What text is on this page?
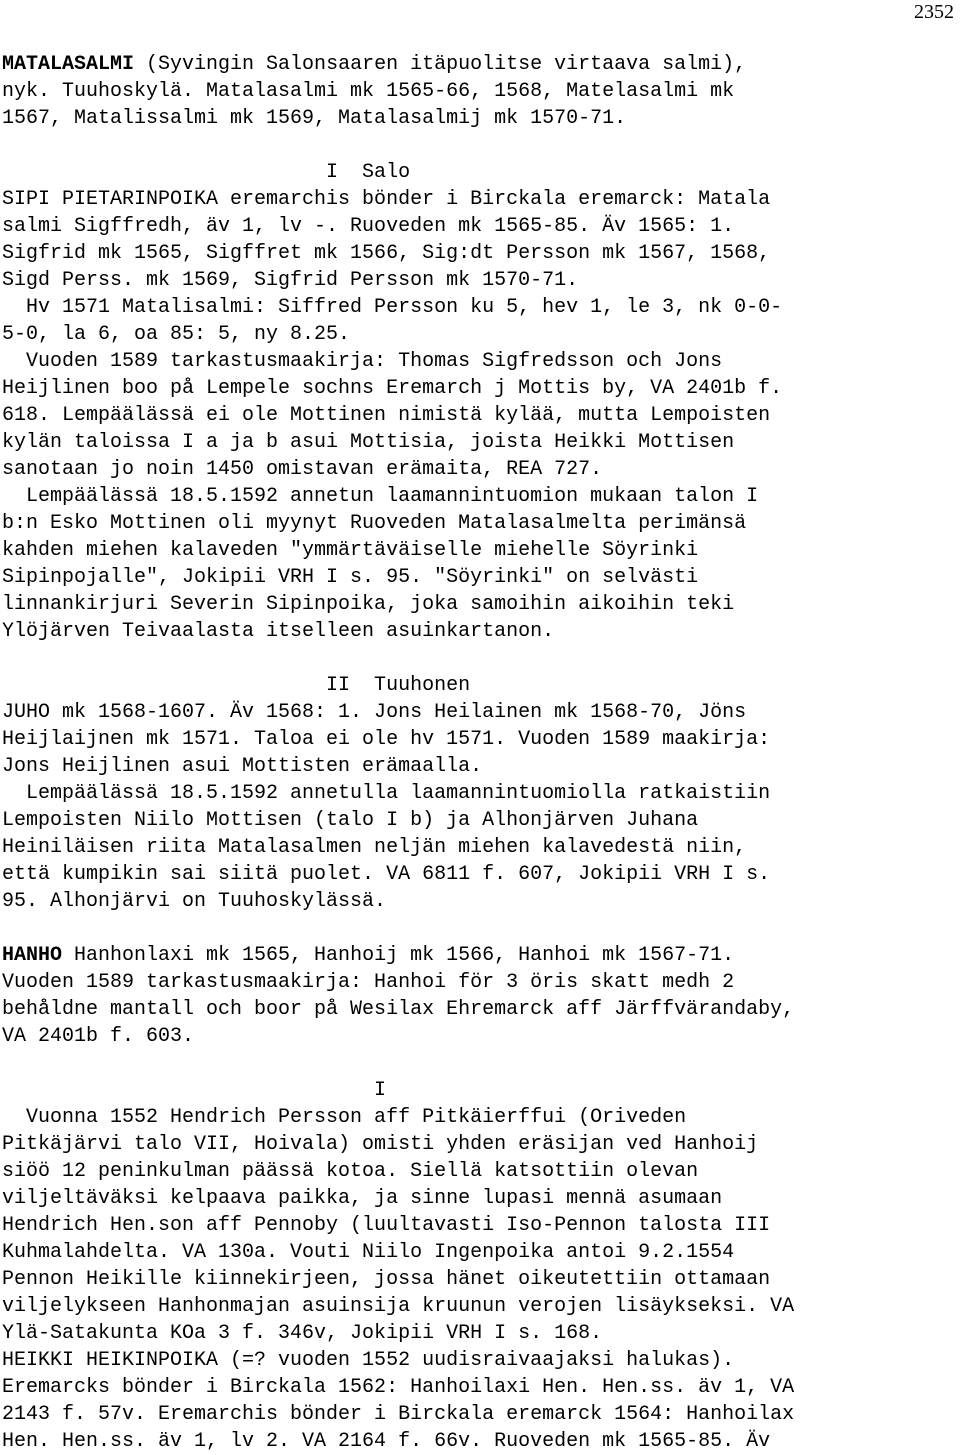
2352
MATALASALMI (Syvingin Salonsaaren itäpuolitse virtaava salmi),
nyk. Tuuhoskylä. Matalasalmi mk 1565-66, 1568, Matelasalmi mk
1567, Matalissalmi mk 1569, Matalasalmij mk 1570-71.
I  Salo
SIPI PIETARINPOIKA eremarchis bönder i Birckala eremarck: Matala
salmi Sigffredh, äv 1, lv -. Ruoveden mk 1565-85. Äv 1565: 1.
Sigfrid mk 1565, Sigffret mk 1566, Sig:dt Persson mk 1567, 1568,
Sigd Perss. mk 1569, Sigfrid Persson mk 1570-71.
Hv 1571 Matalisalmi: Siffred Persson ku 5, hev 1, le 3, nk 0-0-
5-0, la 6, oa 85: 5, ny 8.25.
Vuoden 1589 tarkastusmaakirja: Thomas Sigfredsson och Jons
Heijlinen boo på Lempele sochns Eremarch j Mottis by, VA 2401b f.
618. Lempäälässä ei ole Mottinen nimistä kylää, mutta Lempoisten
kylän taloissa I a ja b asui Mottisia, joista Heikki Mottisen
sanotaan jo noin 1450 omistavan erämaita, REA 727.
Lempäälässä 18.5.1592 annetun laamannintuomion mukaan talon I
b:n Esko Mottinen oli myynyt Ruoveden Matalasalmelta perimänsä
kahden miehen kalaveden "ymmärtäväiselle miehelle Söyrinki
Sipinpojalle", Jokipii VRH I s. 95. "Söyrinki" on selvästi
linnankirjuri Severin Sipinpoika, joka samoihin aikoihin teki
Ylöjärven Teivaalasta itselleen asuinkartanon.
II  Tuuhonen
JUHO mk 1568-1607. Äv 1568: 1. Jons Heilainen mk 1568-70, Jöns
Heijlaijnen mk 1571. Taloa ei ole hv 1571. Vuoden 1589 maakirja:
Jons Heijlinen asui Mottisten erämaalla.
Lempäälässä 18.5.1592 annetulla laamannintuomiolla ratkaistiin
Lempoisten Niilo Mottisen (talo I b) ja Alhonjärven Juhana
Heiniläisen riita Matalasalmen neljän miehen kalavedestä niin,
että kumpikin sai siitä puolet. VA 6811 f. 607, Jokipii VRH I s.
95. Alhonjärvi on Tuuhoskylässä.
HANHO Hanhonlaxi mk 1565, Hanhoij mk 1566, Hanhoi mk 1567-71.
Vuoden 1589 tarkastusmaakirja: Hanhoi för 3 öris skatt medh 2
behåldne mantall och boor på Wesilax Ehremarck aff Järffvärandaby,
VA 2401b f. 603.
I
Vuonna 1552 Hendrich Persson aff Pitkäierffui (Oriveden
Pitkäjärvi talo VII, Hoivala) omisti yhden eräsijan ved Hanhoij
siöö 12 peninkulman päässä kotoa. Siellä katsottiin olevan
viljeltäväksi kelpaava paikka, ja sinne lupasi mennä asumaan
Hendrich Hen.son aff Pennoby (luultavasti Iso-Pennon talosta III
Kuhmalahdelta. VA 130a. Vouti Niilo Ingenpoika antoi 9.2.1554
Pennon Heikille kiinnekirjeen, jossa hänet oikeutettiin ottamaan
viljelykseen Hanhonmajan asuinsija kruunun verojen lisäykseksi. VA
Ylä-Satakunta KOa 3 f. 346v, Jokipii VRH I s. 168.
HEIKKI HEIKINPOIKA (=? vuoden 1552 uudisraivaajaksi halukas).
Eremarcks bönder i Birckala 1562: Hanhoilaxi Hen. Hen.ss. äv 1, VA
2143 f. 57v. Eremarchis bönder i Birckala eremarck 1564: Hanhoilax
Hen. Hen.ss. äv 1, lv 2. VA 2164 f. 66v. Ruoveden mk 1565-85. Äv
